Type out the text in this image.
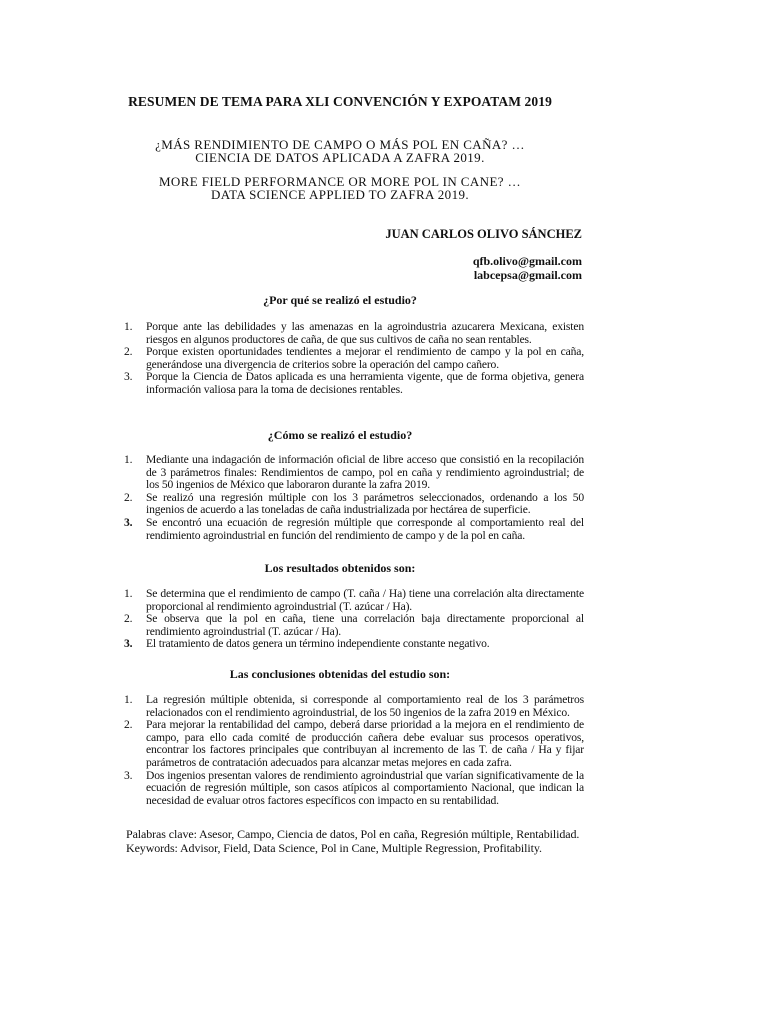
RESUMEN DE TEMA PARA XLI CONVENCIÓN Y EXPOATAM 2019
¿MÁS RENDIMIENTO DE CAMPO O MÁS POL EN CAÑA? …
CIENCIA DE DATOS APLICADA A ZAFRA 2019.
MORE FIELD PERFORMANCE OR MORE POL IN CANE? …
DATA SCIENCE APPLIED TO ZAFRA 2019.
JUAN CARLOS OLIVO SÁNCHEZ
qfb.olivo@gmail.com
labcepsa@gmail.com
¿Por qué se realizó el estudio?
1.	Porque ante las debilidades y las amenazas en la agroindustria azucarera Mexicana, existen riesgos en algunos productores de caña, de que sus cultivos de caña no sean rentables.
2.	Porque existen oportunidades tendientes a mejorar el rendimiento de campo y la pol en caña, generándose una divergencia de criterios sobre la operación del campo cañero.
3.	Porque la Ciencia de Datos aplicada es una herramienta vigente, que de forma objetiva, genera información valiosa para la toma de decisiones rentables.
¿Cómo se realizó el estudio?
1.	Mediante una indagación de información oficial de libre acceso que consistió en la recopilación de 3 parámetros finales: Rendimientos de campo, pol en caña y rendimiento agroindustrial; de los 50 ingenios de México que laboraron durante la zafra 2019.
2.	Se realizó una regresión múltiple con los 3 parámetros seleccionados, ordenando a los 50 ingenios de acuerdo a las toneladas de caña industrializada por hectárea de superficie.
3.	Se encontró una ecuación de regresión múltiple que corresponde al comportamiento real del rendimiento agroindustrial en función del rendimiento de campo y de la pol en caña.
Los resultados obtenidos son:
1.	Se determina que el rendimiento de campo (T. caña / Ha) tiene una correlación alta directamente proporcional al rendimiento agroindustrial (T. azúcar / Ha).
2.	Se observa que la pol en caña, tiene una correlación baja directamente proporcional al rendimiento agroindustrial (T. azúcar / Ha).
3.	El tratamiento de datos genera un término independiente constante negativo.
Las conclusiones obtenidas del estudio son:
1.	La regresión múltiple obtenida, si corresponde al comportamiento real de los 3 parámetros relacionados con el rendimiento agroindustrial, de los 50 ingenios de la zafra 2019 en México.
2.	Para mejorar la rentabilidad del campo, deberá darse prioridad a la mejora en el rendimiento de campo, para ello cada comité de producción cañera debe evaluar sus procesos operativos, encontrar los factores principales que contribuyan al incremento de las T. de caña / Ha y fijar parámetros de contratación adecuados para alcanzar metas mejores en cada zafra.
3.	Dos ingenios presentan valores de rendimiento agroindustrial que varían significativamente de la ecuación de regresión múltiple, son casos atípicos al comportamiento Nacional, que indican la necesidad de evaluar otros factores específicos con impacto en su rentabilidad.
Palabras clave: Asesor, Campo, Ciencia de datos, Pol en caña, Regresión múltiple, Rentabilidad.
Keywords: Advisor, Field, Data Science, Pol in Cane, Multiple Regression, Profitability.
